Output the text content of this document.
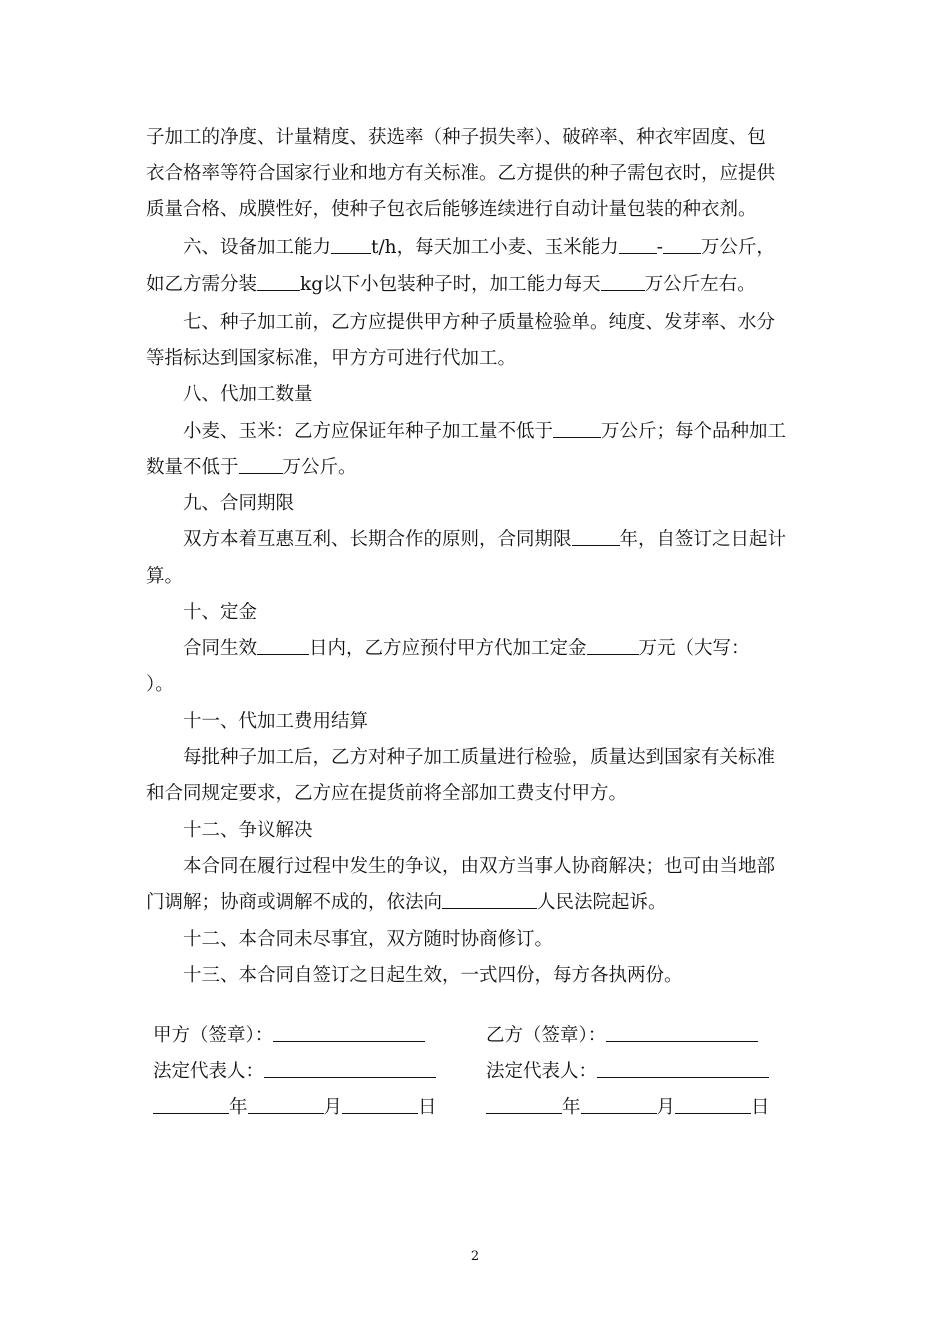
子加工的净度、计量精度、获选率（种子损失率）、破碎率、种衣牢固度、包
衣合格率等符合国家行业和地方有关标准。乙方提供的种子需包衣时，应提供
质量合格、成膜性好，使种子包衣后能够连续进行自动计量包装的种衣剂。
六、设备加工能力 t/h，每天加工小麦、玉米能力 - 万公斤，
如乙方需分装 kg以下小包装种子时，加工能力每天 万公斤左右。
七、种子加工前，乙方应提供甲方种子质量检验单。纯度、发芽率、水分
等指标达到国家标准，甲方方可进行代加工。
八、代加工数量
小麦、玉米：乙方应保证年种子加工量不低于	万公斤；每个品种加工
数量不低于 万公斤。
九、合同期限
双方本着互惠互利、长期合作的原则，合同期限	年，自签订之日起计
算。
十、定金
合同生效	日内，乙方应预付甲方代加工定金	万元（大写：
）。
十一、代加工费用结算
每批种子加工后，乙方对种子加工质量进行检验，质量达到国家有关标准
和合同规定要求，乙方应在提货前将全部加工费支付甲方。
十二、争议解决
本合同在履行过程中发生的争议，由双方当事人协商解决；也可由当地部
门调解；协商或调解不成的，依法向	人民法院起诉。
十二、本合同未尽事宜，双方随时协商修订。
十三、本合同自签订之日起生效，一式四份，每方各执两份。
甲方（签章）：	乙方（签章）：
法定代表人：	法定代表人：
年	月	日	年	月	日
2
